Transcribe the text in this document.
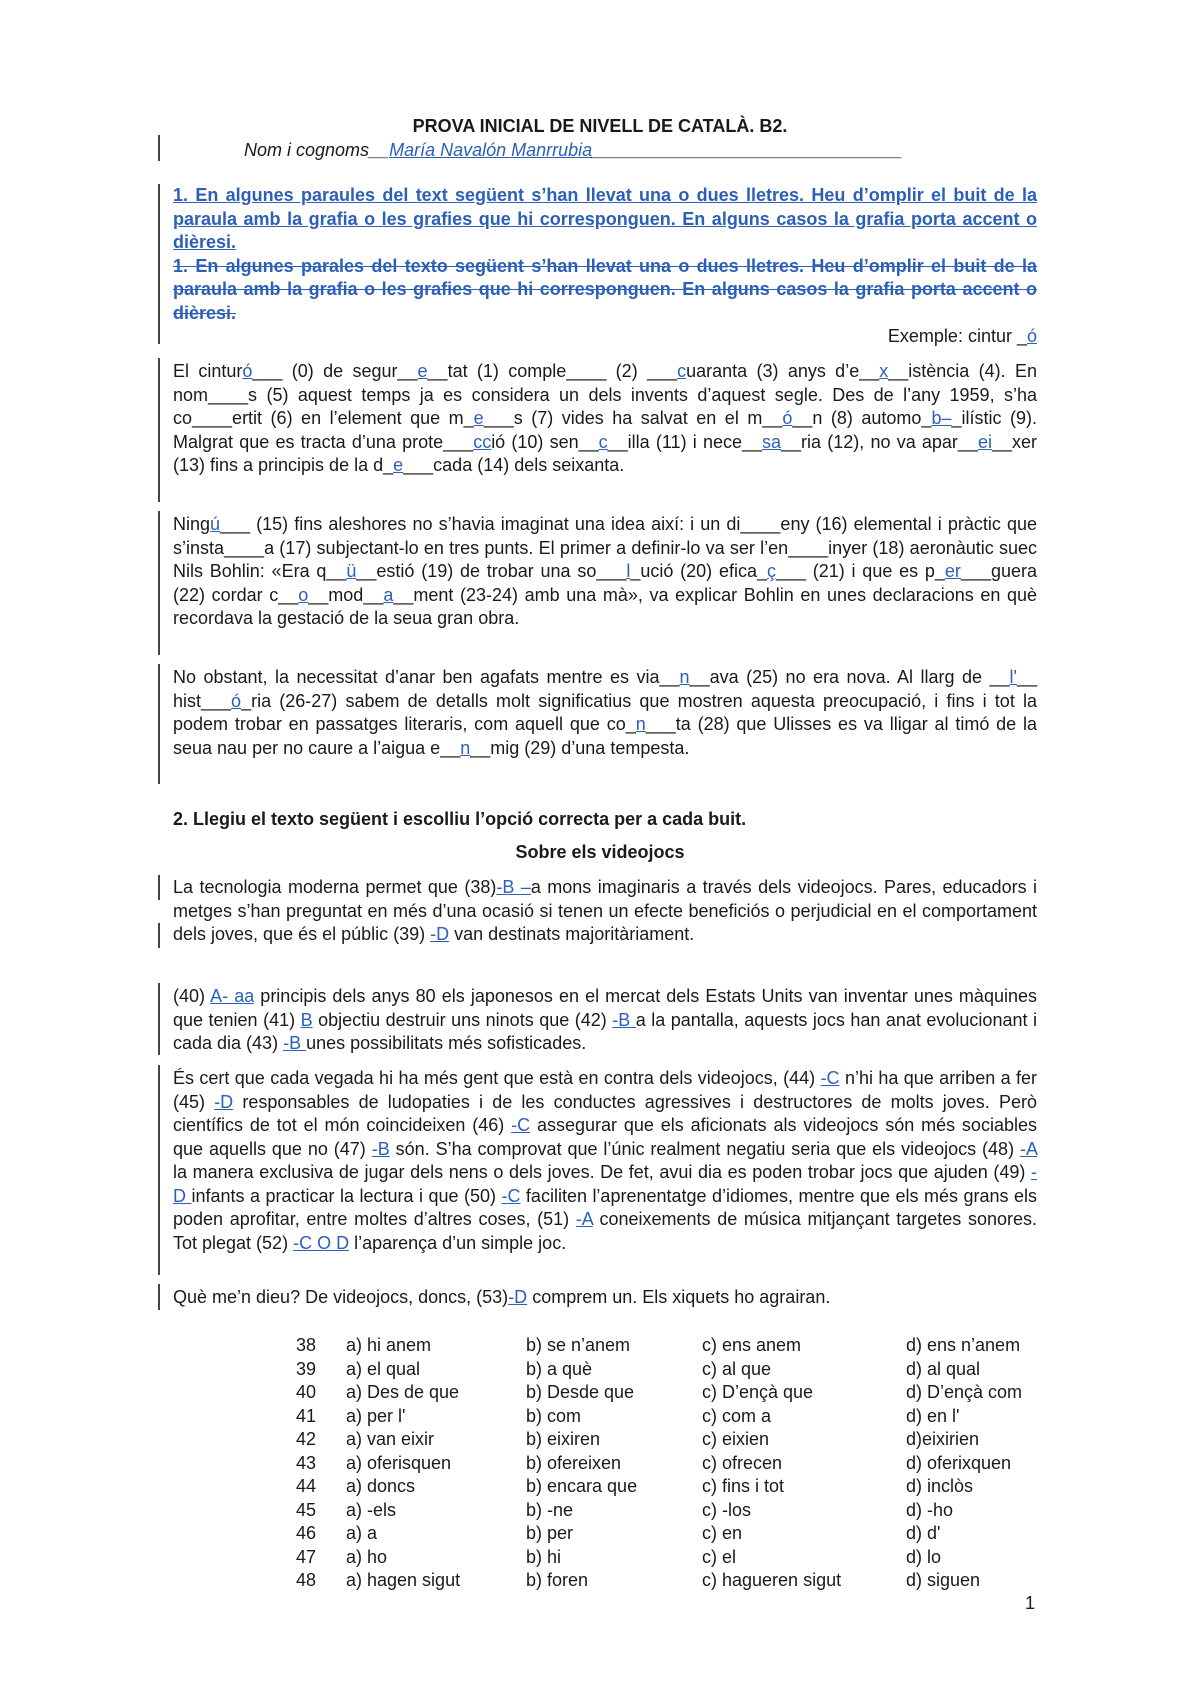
PROVA INICIAL DE NIVELL DE CATALÀ. B2.
Nom i cognoms__María Navalón Manrrubia_______________________________

1. En algunes paraules del text següent s’han llevat una o dues lletres. Heu d’omplir el buit de la paraula amb la grafia o les grafies que hi corresponguen. En alguns casos la grafia porta accent o dièresi.

1. En algunes parales del texto següent s’han llevat una o dues lletres. Heu d’omplir el buit de la paraula amb la grafia o les grafies que hi corresponguen. En alguns casos la grafia porta accent o dièresi.

Exemple: cintur _ó
El cinturó___ (0) de segur__e__tat (1) comple____ (2) ___cuaranta (3) anys d’e__x__istència (4). En nom____s (5) aquest temps ja es considera un dels invents d’aquest segle. Des de l’any 1959, s’ha co____ertit (6) en l’element que m_e___s (7) vides ha salvat en el m__ó__n (8) automo_b–_ilístic (9). Malgrat que es tracta d’una prote___cció (10) sen__c__illa (11) i nece__sa__ria (12), no va apar__ei__xer (13) fins a principis de la d_e___cada (14) dels seixanta.
Ningú___ (15) fins aleshores no s’havia imaginat una idea així: i un di____eny (16) elemental i pràctic que s’insta____a (17) subjectant-lo en tres punts. El primer a definir-lo va ser l’en____inyer (18) aeronàutic suec Nils Bohlin: «Era q__ü__estió (19) de trobar una so___l_ució (20) efica_ç___ (21) i que es p_er___guera (22) cordar c__o__mod__a__ment (23-24) amb una mà», va explicar Bohlin en unes declaracions en què recordava la gestació de la seua gran obra.
No obstant, la necessitat d’anar ben agafats mentre es via__n__ava (25) no era nova. Al llarg de __l'__ hist___ó_ria (26-27) sabem de detalls molt significatius que mostren aquesta preocupació, i fins i tot la podem trobar en passatges literaris, com aquell que co_n___ta (28) que Ulisses es va lligar al timó de la seua nau per no caure a l’aigua e__n__mig (29) d’una tempesta.
2. Llegiu el texto següent i escolliu l’opció correcta per a cada buit.
Sobre els videojocs
La tecnologia moderna permet que (38)-B –a mons imaginaris a través dels videojocs. Pares, educadors i metges s’han preguntat en més d’una ocasió si tenen un efecte beneficiós o perjudicial en el comportament dels joves, que és el públic (39) -D van destinats majoritàriament.
(40) A- aa principis dels anys 80 els japonesos en el mercat dels Estats Units van inventar unes màquines que tenien (41) B objectiu destruir uns ninots que (42) -B a la pantalla, aquests jocs han anat evolucionant i cada dia (43) -B unes possibilitats més sofisticades.
És cert que cada vegada hi ha més gent que està en contra dels videojocs, (44) -C n’hi ha que arriben a fer (45) -D responsables de ludopaties i de les conductes agressives i destructores de molts joves. Però científics de tot el món coincideixen (46) -C assegurar que els aficionats als videojocs són més sociables que aquells que no (47) -B són. S’ha comprovat que l’únic realment negatiu seria que els videojocs (48) -A la manera exclusiva de jugar dels nens o dels joves. De fet, avui dia es poden trobar jocs que ajuden (49) -D infants a practicar la lectura i que (50) -C faciliten l’aprenentatge d’idiomes, mentre que els més grans els poden aprofitar, entre moltes d’altres coses, (51) -A coneixements de música mitjançant targetes sonores. Tot plegat (52) -C O D l’aparença d’un simple joc.
Què me’n dieu? De videojocs, doncs, (53)-D comprem un. Els xiquets ho agrairan.
38	a) hi anem	b) se n’anem	c) ens anem	d) ens n’anem
39	a) el qual	b) a què	c) al que	d) al qual
40	a) Des de que	b) Desde que	c) D’ençà que	d) D’ençà com
41	a) per l'	b) com	c) com a	d) en l'
42	a) van eixir	b) eixiren	c) eixien	d)eixirien
43	a) oferisquen	b) ofereixen	c) ofrecen	d) oferixquen
44	a) doncs	b) encara que	c) fins i tot	d) inclòs
45	a) -els	b) -ne	c) -los	d) -ho
46	a) a	b) per	c) en	d) d'
47	a) ho	b) hi	c) el	d) lo
48	a) hagen sigut	b) foren	c) hagueren sigut	d) siguen
1
